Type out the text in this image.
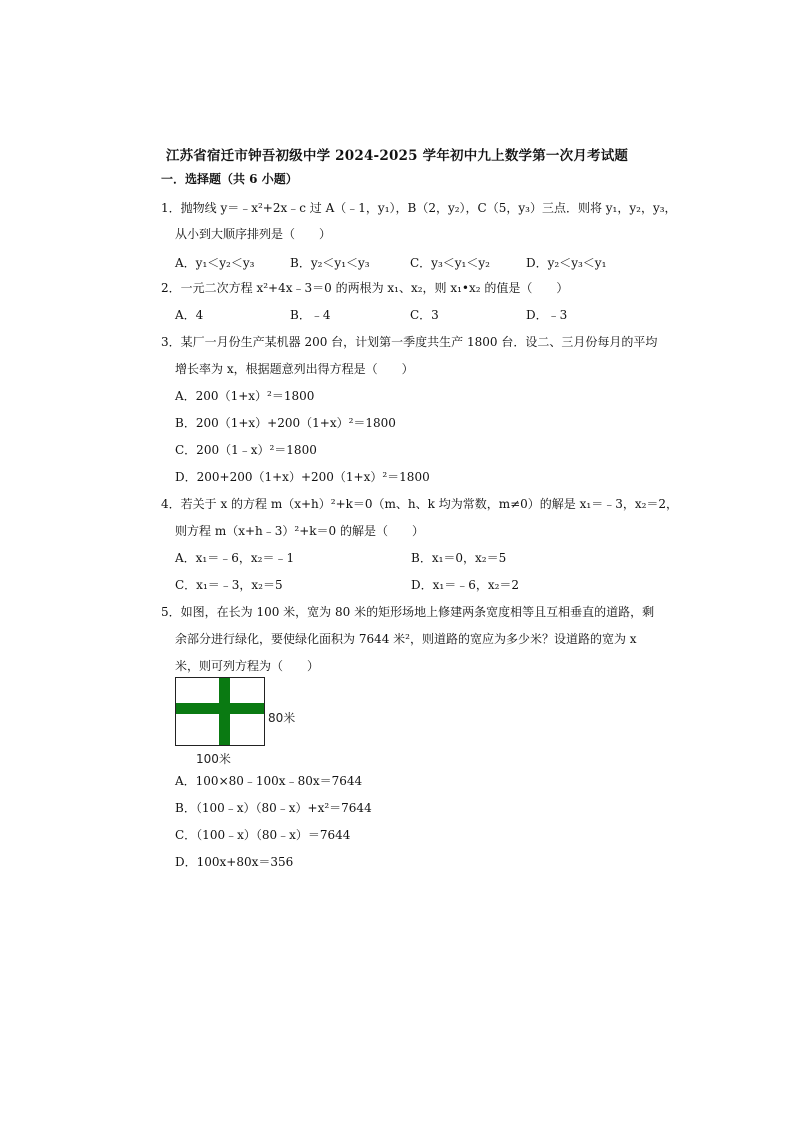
江苏省宿迁市钟吾初级中学 2024-2025 学年初中九上数学第一次月考试题
一．选择题（共 6 小题）
1．抛物线 y＝﹣x²+2x﹣c 过 A（﹣1，y₁），B（2，y₂），C（5，y₃）三点．则将 y₁，y₂，y₃，
从小到大顺序排列是（　　）
A．y₁＜y₂＜y₃	B．y₂＜y₁＜y₃	C．y₃＜y₁＜y₂	D．y₂＜y₃＜y₁
2．一元二次方程 x²+4x﹣3＝0 的两根为 x₁、x₂，则 x₁•x₂ 的值是（　　）
A．4	B．﹣4	C．3	D．﹣3
3．某厂一月份生产某机器 200 台，计划第一季度共生产 1800 台．设二、三月份每月的平均
增长率为 x，根据题意列出得方程是（　　）
A．200（1+x）²＝1800
B．200（1+x）+200（1+x）²＝1800
C．200（1﹣x）²＝1800
D．200+200（1+x）+200（1+x）²＝1800
4．若关于 x 的方程 m（x+h）²+k＝0（m、h、k 均为常数，m≠0）的解是 x₁＝﹣3，x₂＝2，
则方程 m（x+h﹣3）²+k＝0 的解是（　　）
A．x₁＝﹣6，x₂＝﹣1	B．x₁＝0，x₂＝5
C．x₁＝﹣3，x₂＝5	D．x₁＝﹣6，x₂＝2
5．如图，在长为 100 米，宽为 80 米的矩形场地上修建两条宽度相等且互相垂直的道路，剩
余部分进行绿化，要使绿化面积为 7644 米²，则道路的宽应为多少米？设道路的宽为 x
米，则可列方程为（　　）
80米
100米
A．100×80﹣100x﹣80x＝7644
B．（100﹣x）（80﹣x）+x²＝7644
C．（100﹣x）（80﹣x）＝7644
D．100x+80x＝356
